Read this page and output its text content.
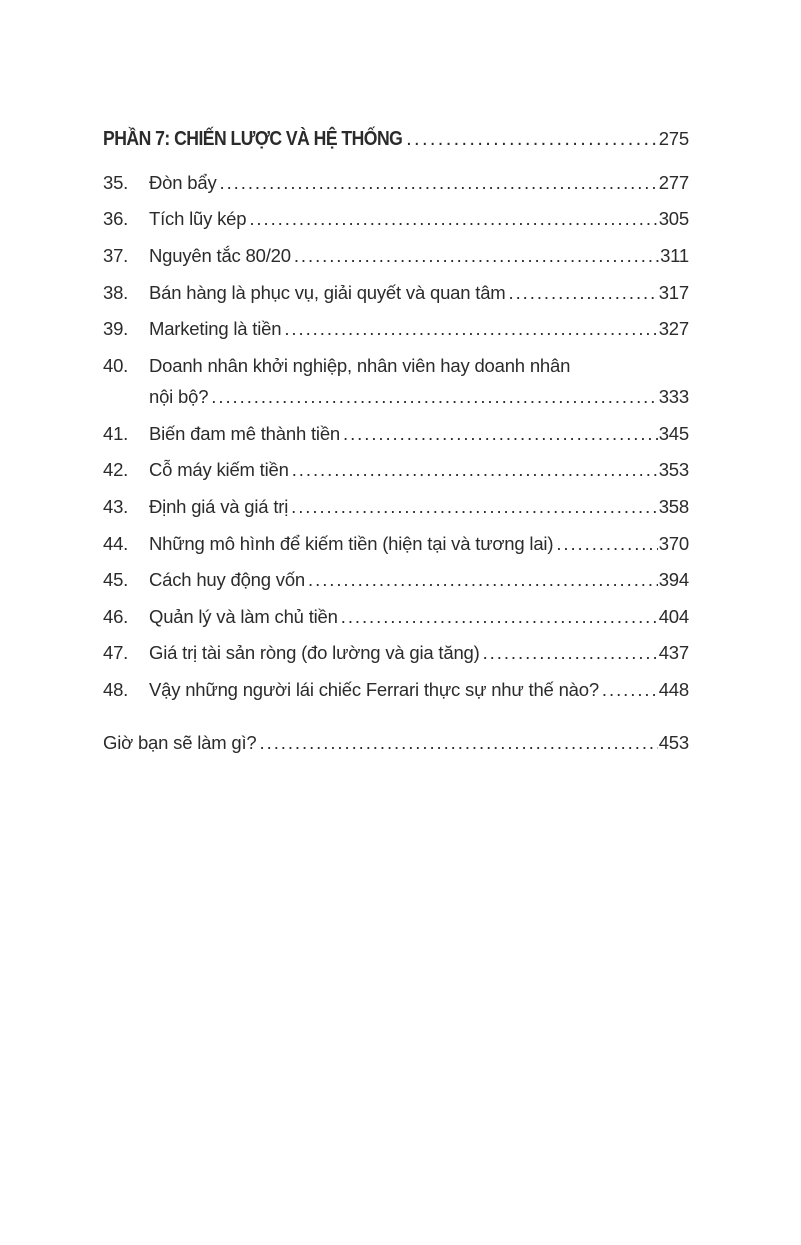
PHẦN 7: CHIẾN LƯỢC VÀ HỆ THỐNG . . .	275
35.	Đòn bẩy . . .	277
36.	Tích lũy kép . . .	305
37.	Nguyên tắc 80/20 . . .	311
38.	Bán hàng là phục vụ, giải quyết và quan tâm . . .	317
39.	Marketing là tiền . . .	327
40.	Doanh nhân khởi nghiệp, nhân viên hay doanh nhân
nội bộ? . . .	333
41.	Biến đam mê thành tiền . . .	345
42.	Cỗ máy kiếm tiền . . .	353
43.	Định giá và giá trị . . .	358
44.	Những mô hình để kiếm tiền (hiện tại và tương lai) . . .	370
45.	Cách huy động vốn . . .	394
46.	Quản lý và làm chủ tiền . . .	404
47.	Giá trị tài sản ròng (đo lường và gia tăng) . . .	437
48.	Vậy những người lái chiếc Ferrari thực sự như thế nào? . . .	448
Giờ bạn sẽ làm gì? . . .	453
